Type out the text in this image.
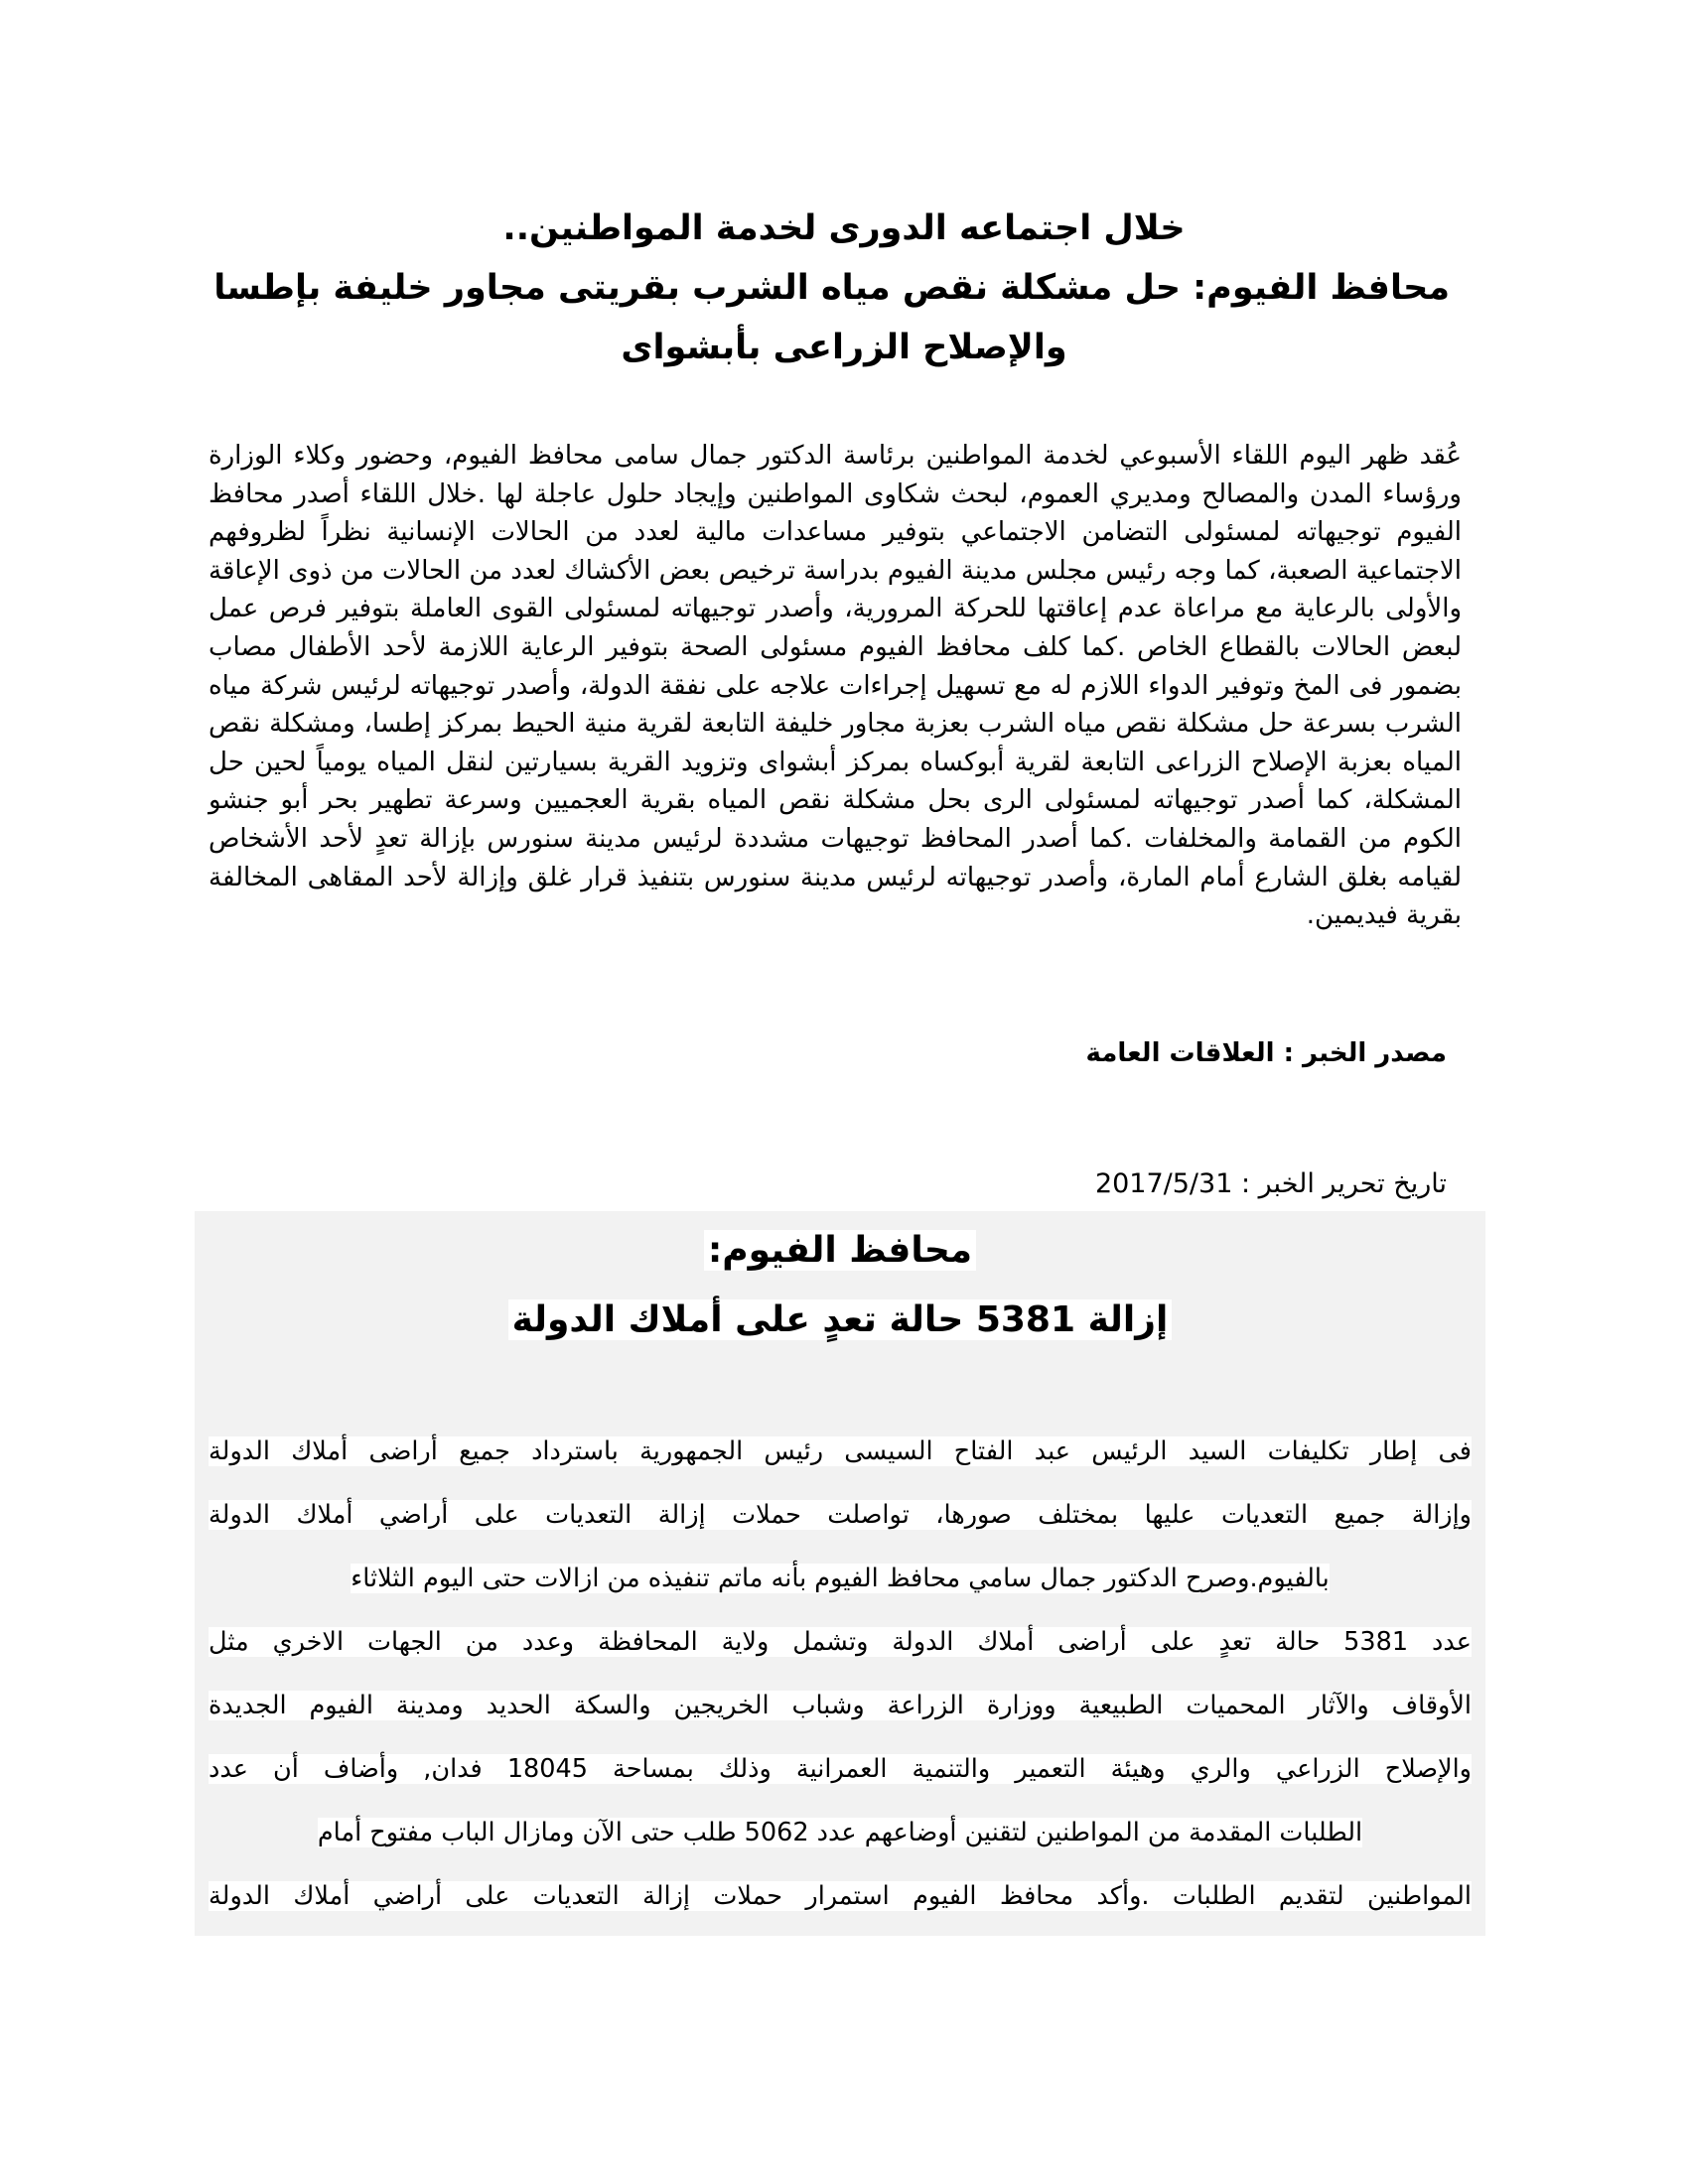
خلال اجتماعه الدورى لخدمة المواطنين..
محافظ الفيوم: حل مشكلة نقص مياه الشرب بقريتى مجاور خليفة بإطسا
والإصلاح الزراعى بأبشواى
عُقد ظهر اليوم اللقاء الأسبوعي لخدمة المواطنين برئاسة الدكتور جمال سامى محافظ الفيوم، وحضور وكلاء الوزارة ورؤساء المدن والمصالح ومديري العموم، لبحث شكاوى المواطنين وإيجاد حلول عاجلة لها .خلال اللقاء أصدر محافظ الفيوم توجيهاته لمسئولى التضامن الاجتماعي بتوفير مساعدات مالية لعدد من الحالات الإنسانية نظراً لظروفهم الاجتماعية الصعبة، كما وجه رئيس مجلس مدينة الفيوم بدراسة ترخيص بعض الأكشاك لعدد من الحالات من ذوى الإعاقة والأولى بالرعاية مع مراعاة عدم إعاقتها للحركة المرورية، وأصدر توجيهاته لمسئولى القوى العاملة بتوفير فرص عمل لبعض الحالات بالقطاع الخاص .كما كلف محافظ الفيوم مسئولى الصحة بتوفير الرعاية اللازمة لأحد الأطفال مصاب بضمور فى المخ وتوفير الدواء اللازم له مع تسهيل إجراءات علاجه على نفقة الدولة، وأصدر توجيهاته لرئيس شركة مياه الشرب بسرعة حل مشكلة نقص مياه الشرب بعزبة مجاور خليفة التابعة لقرية منية الحيط بمركز إطسا، ومشكلة نقص المياه بعزبة الإصلاح الزراعى التابعة لقرية أبوكساه بمركز أبشواى وتزويد القرية بسيارتين لنقل المياه يومياً لحين حل المشكلة، كما أصدر توجيهاته لمسئولى الرى بحل مشكلة نقص المياه بقرية العجميين وسرعة تطهير بحر أبو جنشو الكوم من القمامة والمخلفات .كما أصدر المحافظ توجيهات مشددة لرئيس مدينة سنورس بإزالة تعدٍ لأحد الأشخاص لقيامه بغلق الشارع أمام المارة، وأصدر توجيهاته لرئيس مدينة سنورس بتنفيذ قرار غلق وإزالة لأحد المقاهى المخالفة بقرية فيديمين.
مصدر الخبر : العلاقات العامة
تاريخ تحرير الخبر : 2017/5/31
محافظ الفيوم:
إزالة 5381 حالة تعدٍ على أملاك الدولة
فى إطار تكليفات السيد الرئيس عبد الفتاح السيسى رئيس الجمهورية باسترداد جميع أراضى أملاك الدولة
وإزالة جميع التعديات عليها بمختلف صورها، تواصلت حملات إزالة التعديات على أراضي أملاك الدولة
بالفيوم.وصرح الدكتور جمال سامي محافظ الفيوم بأنه ماتم تنفيذه من ازالات حتى اليوم الثلاثاء
عدد 5381 حالة تعدٍ على أراضى أملاك الدولة وتشمل ولاية المحافظة وعدد من الجهات الاخري مثل
الأوقاف والآثار المحميات الطبيعية ووزارة الزراعة وشباب الخريجين والسكة الحديد ومدينة الفيوم الجديدة
والإصلاح الزراعي والري وهيئة التعمير والتنمية العمرانية وذلك بمساحة 18045 فدان, وأضاف أن عدد
الطلبات المقدمة من المواطنين لتقنين أوضاعهم عدد 5062 طلب حتى الآن ومازال الباب مفتوح أمام
المواطنين لتقديم الطلبات .وأكد محافظ الفيوم استمرار حملات إزالة التعديات على أراضي أملاك الدولة
